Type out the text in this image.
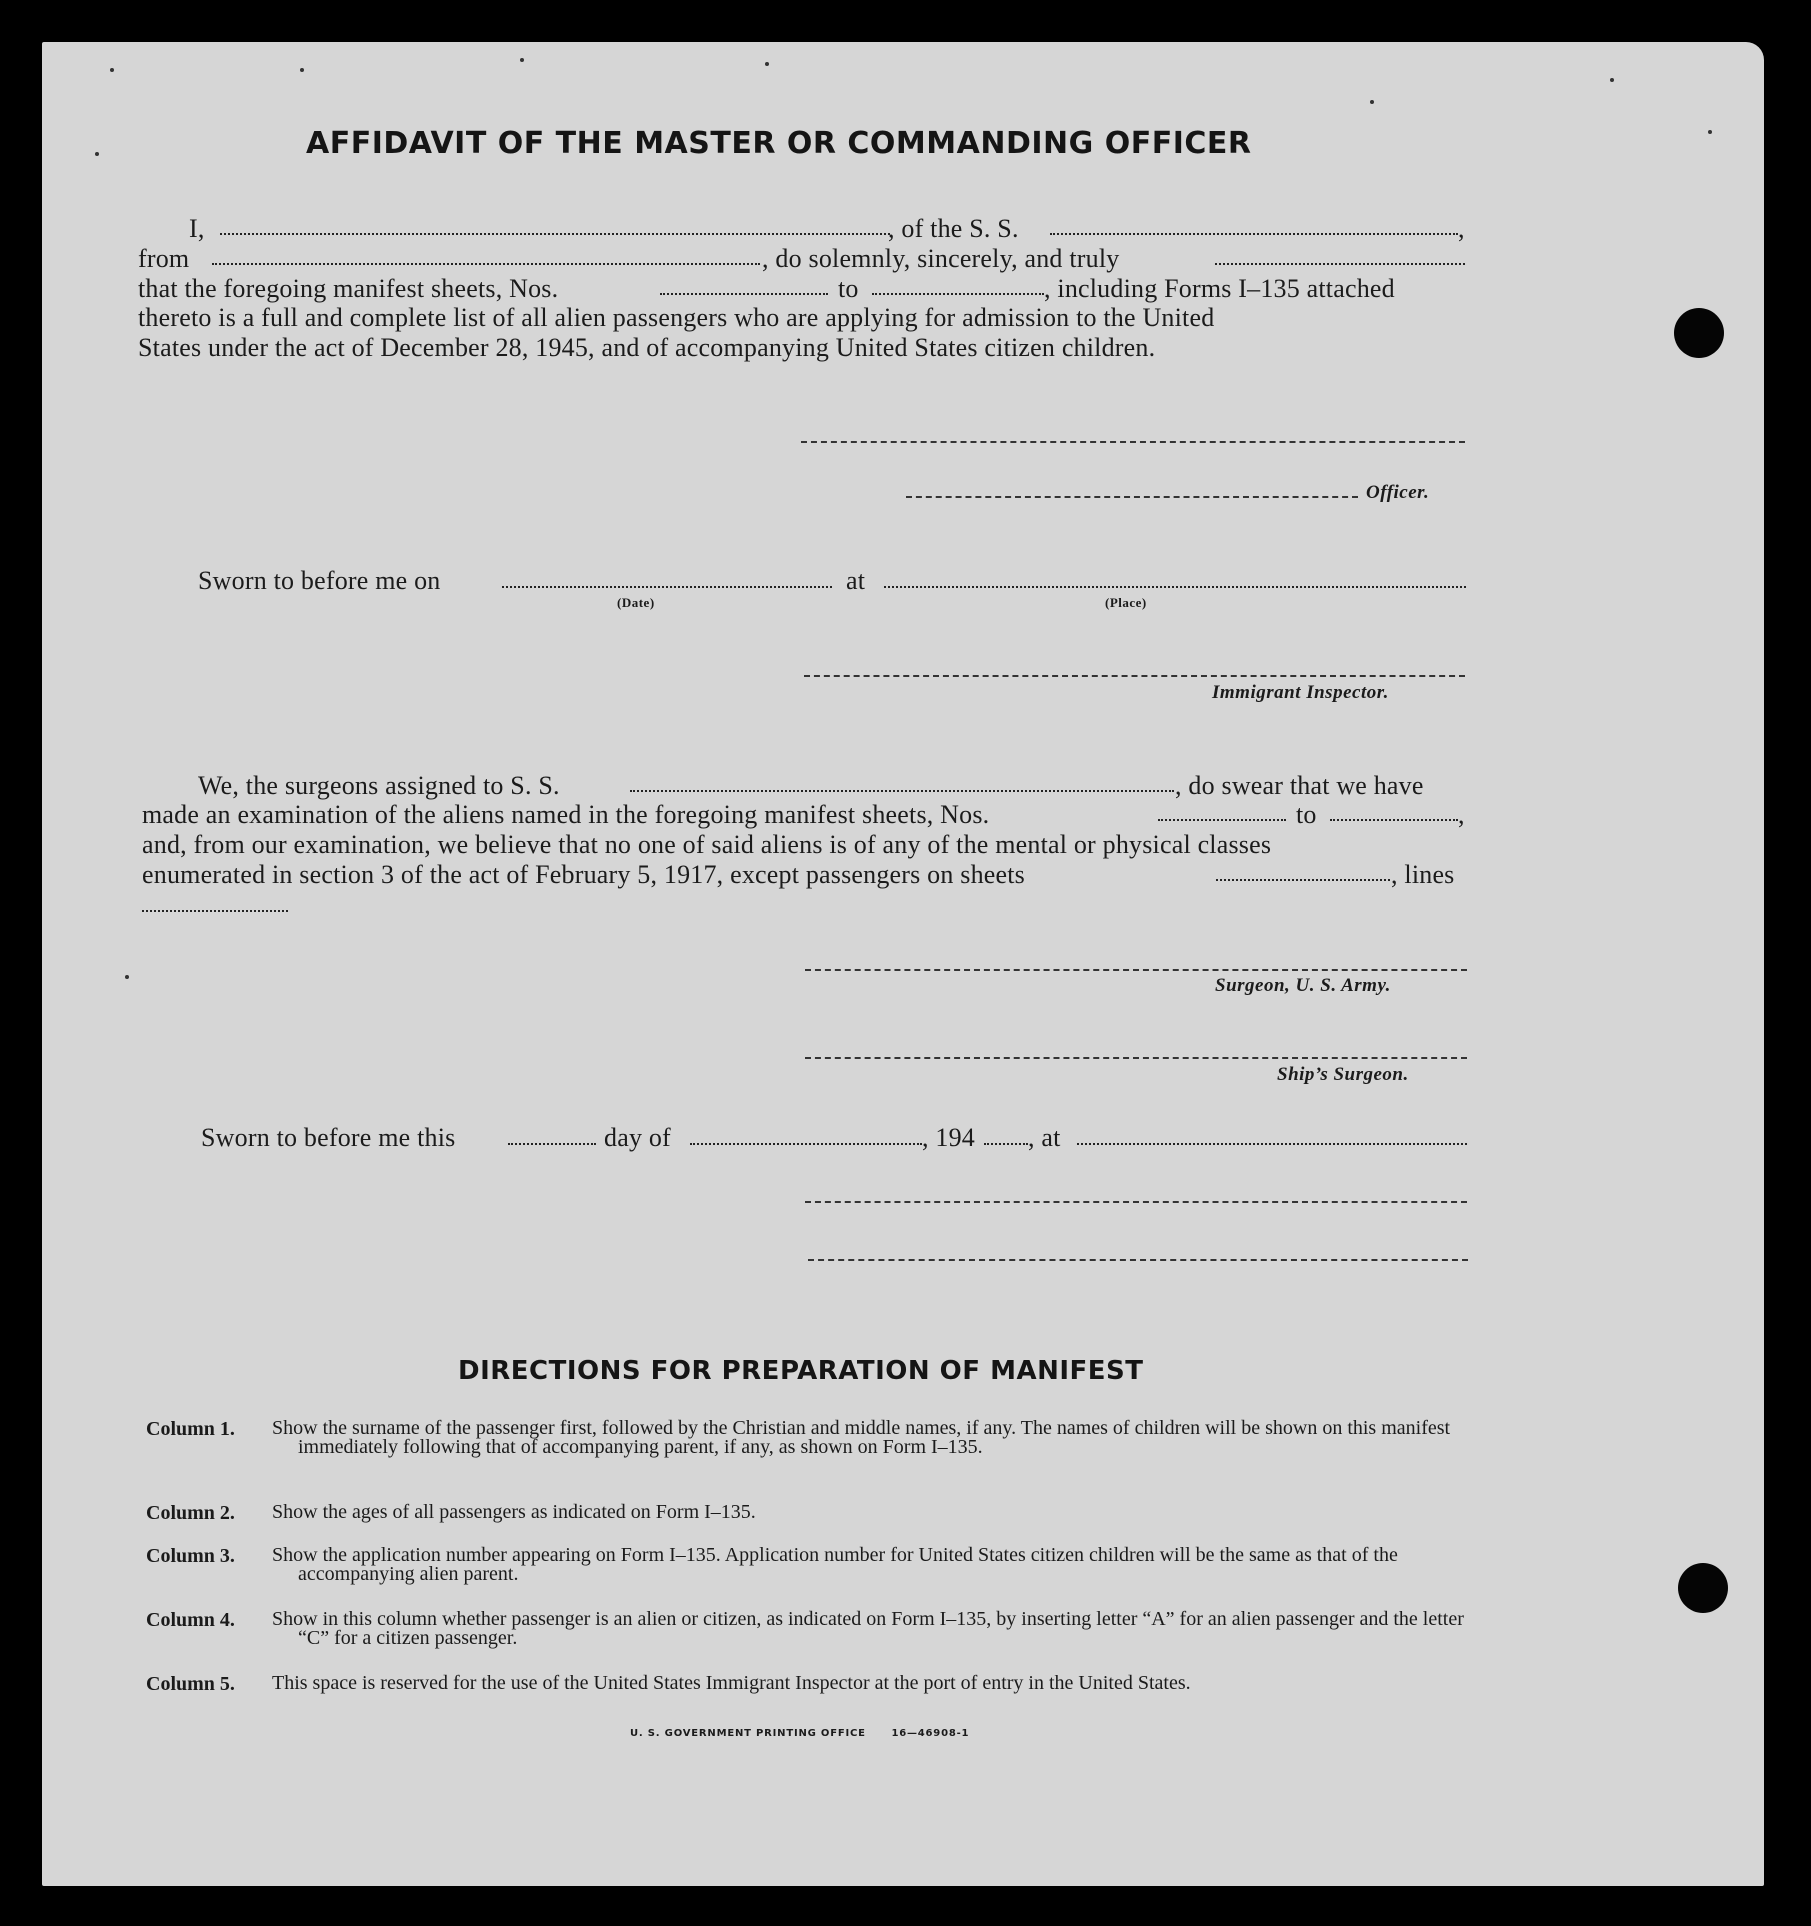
AFFIDAVIT OF THE MASTER OR COMMANDING OFFICER
I,	, of the S. S.	,
from	, do solemnly, sincerely, and truly
that the foregoing manifest sheets, Nos.	to	, including Forms I–135 attached
thereto is a full and complete list of all alien passengers who are applying for admission to the United
States under the act of December 28, 1945, and of accompanying United States citizen children.
Officer.
Sworn to before me on	at
(Date)	(Place)
Immigrant Inspector.
We, the surgeons assigned to S. S.	, do swear that we have
made an examination of the aliens named in the foregoing manifest sheets, Nos.	to	,
and, from our examination, we believe that no one of said aliens is of any of the mental or physical classes
enumerated in section 3 of the act of February 5, 1917, except passengers on sheets	, lines
Surgeon, U. S. Army.
Ship’s Surgeon.
Sworn to before me this	day of	, 194 , at
DIRECTIONS FOR PREPARATION OF MANIFEST
Column 1. Show the surname of the passenger first, followed by the Christian and middle names, if any. The names of children will be shown on this manifest immediately following that of accompanying parent, if any, as shown on Form I–135.
Column 2. Show the ages of all passengers as indicated on Form I–135.
Column 3. Show the application number appearing on Form I–135. Application number for United States citizen children will be the same as that of the accompanying alien parent.
Column 4. Show in this column whether passenger is an alien or citizen, as indicated on Form I–135, by inserting letter “A” for an alien passenger and the letter “C” for a citizen passenger.
Column 5. This space is reserved for the use of the United States Immigrant Inspector at the port of entry in the United States.
U. S. GOVERNMENT PRINTING OFFICE      16—46908-1
